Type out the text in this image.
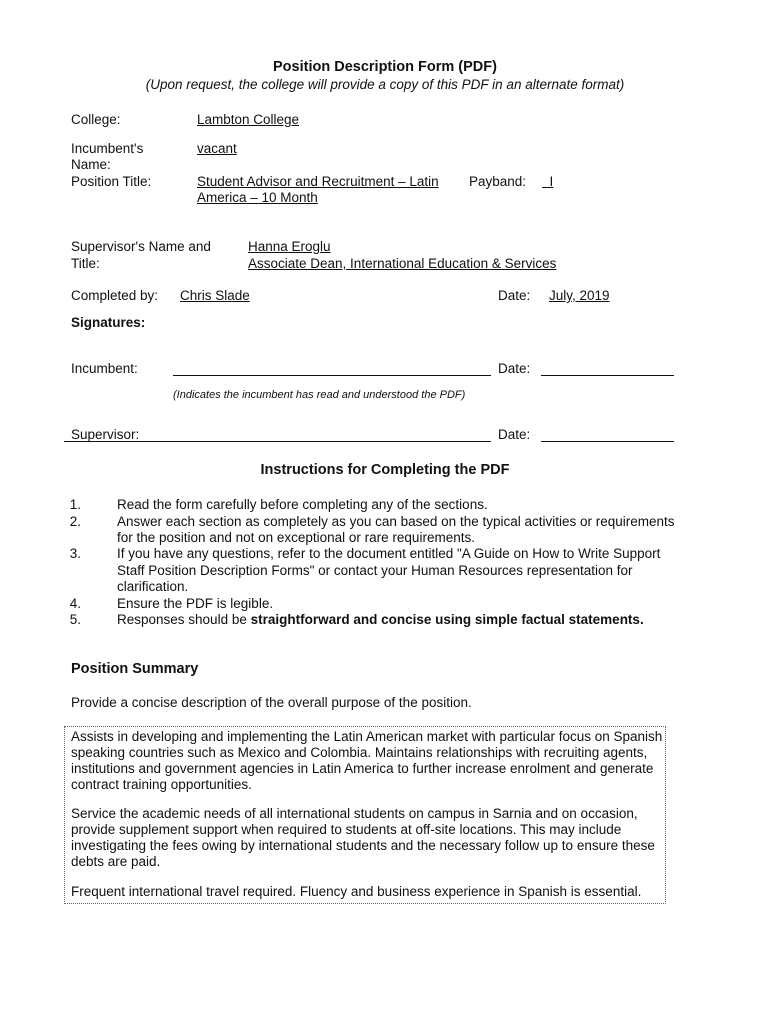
Position Description Form (PDF)
(Upon request, the college will provide a copy of this PDF in an alternate format)
College:	Lambton College
Incumbent's
Name:
vacant
Position Title:	Student Advisor and Recruitment – Latin
America – 10 Month
Payband:	I
Supervisor's Name and
Title:
Hanna Eroglu
Associate Dean, International Education & Services
Completed by: Chris Slade	Date: July, 2019
Signatures:
Incumbent:	Date:
(Indicates the incumbent has read and understood the PDF)
Supervisor:	Date:
Instructions for Completing the PDF
1.	Read the form carefully before completing any of the sections.
2.	Answer each section as completely as you can based on the typical activities or requirements
for the position and not on exceptional or rare requirements.
3.	If you have any questions, refer to the document entitled "A Guide on How to Write Support
Staff Position Description Forms" or contact your Human Resources representation for
clarification.
4.	Ensure the PDF is legible.
5.	Responses should be straightforward and concise using simple factual statements.
Position Summary
Provide a concise description of the overall purpose of the position.
Assists in developing and implementing the Latin American market with particular focus on Spanish
speaking countries such as Mexico and Colombia. Maintains relationships with recruiting agents,
institutions and government agencies in Latin America to further increase enrolment and generate
contract training opportunities.
Service the academic needs of all international students on campus in Sarnia and on occasion,
provide supplement support when required to students at off-site locations. This may include
investigating the fees owing by international students and the necessary follow up to ensure these
debts are paid.
Frequent international travel required. Fluency and business experience in Spanish is essential.
